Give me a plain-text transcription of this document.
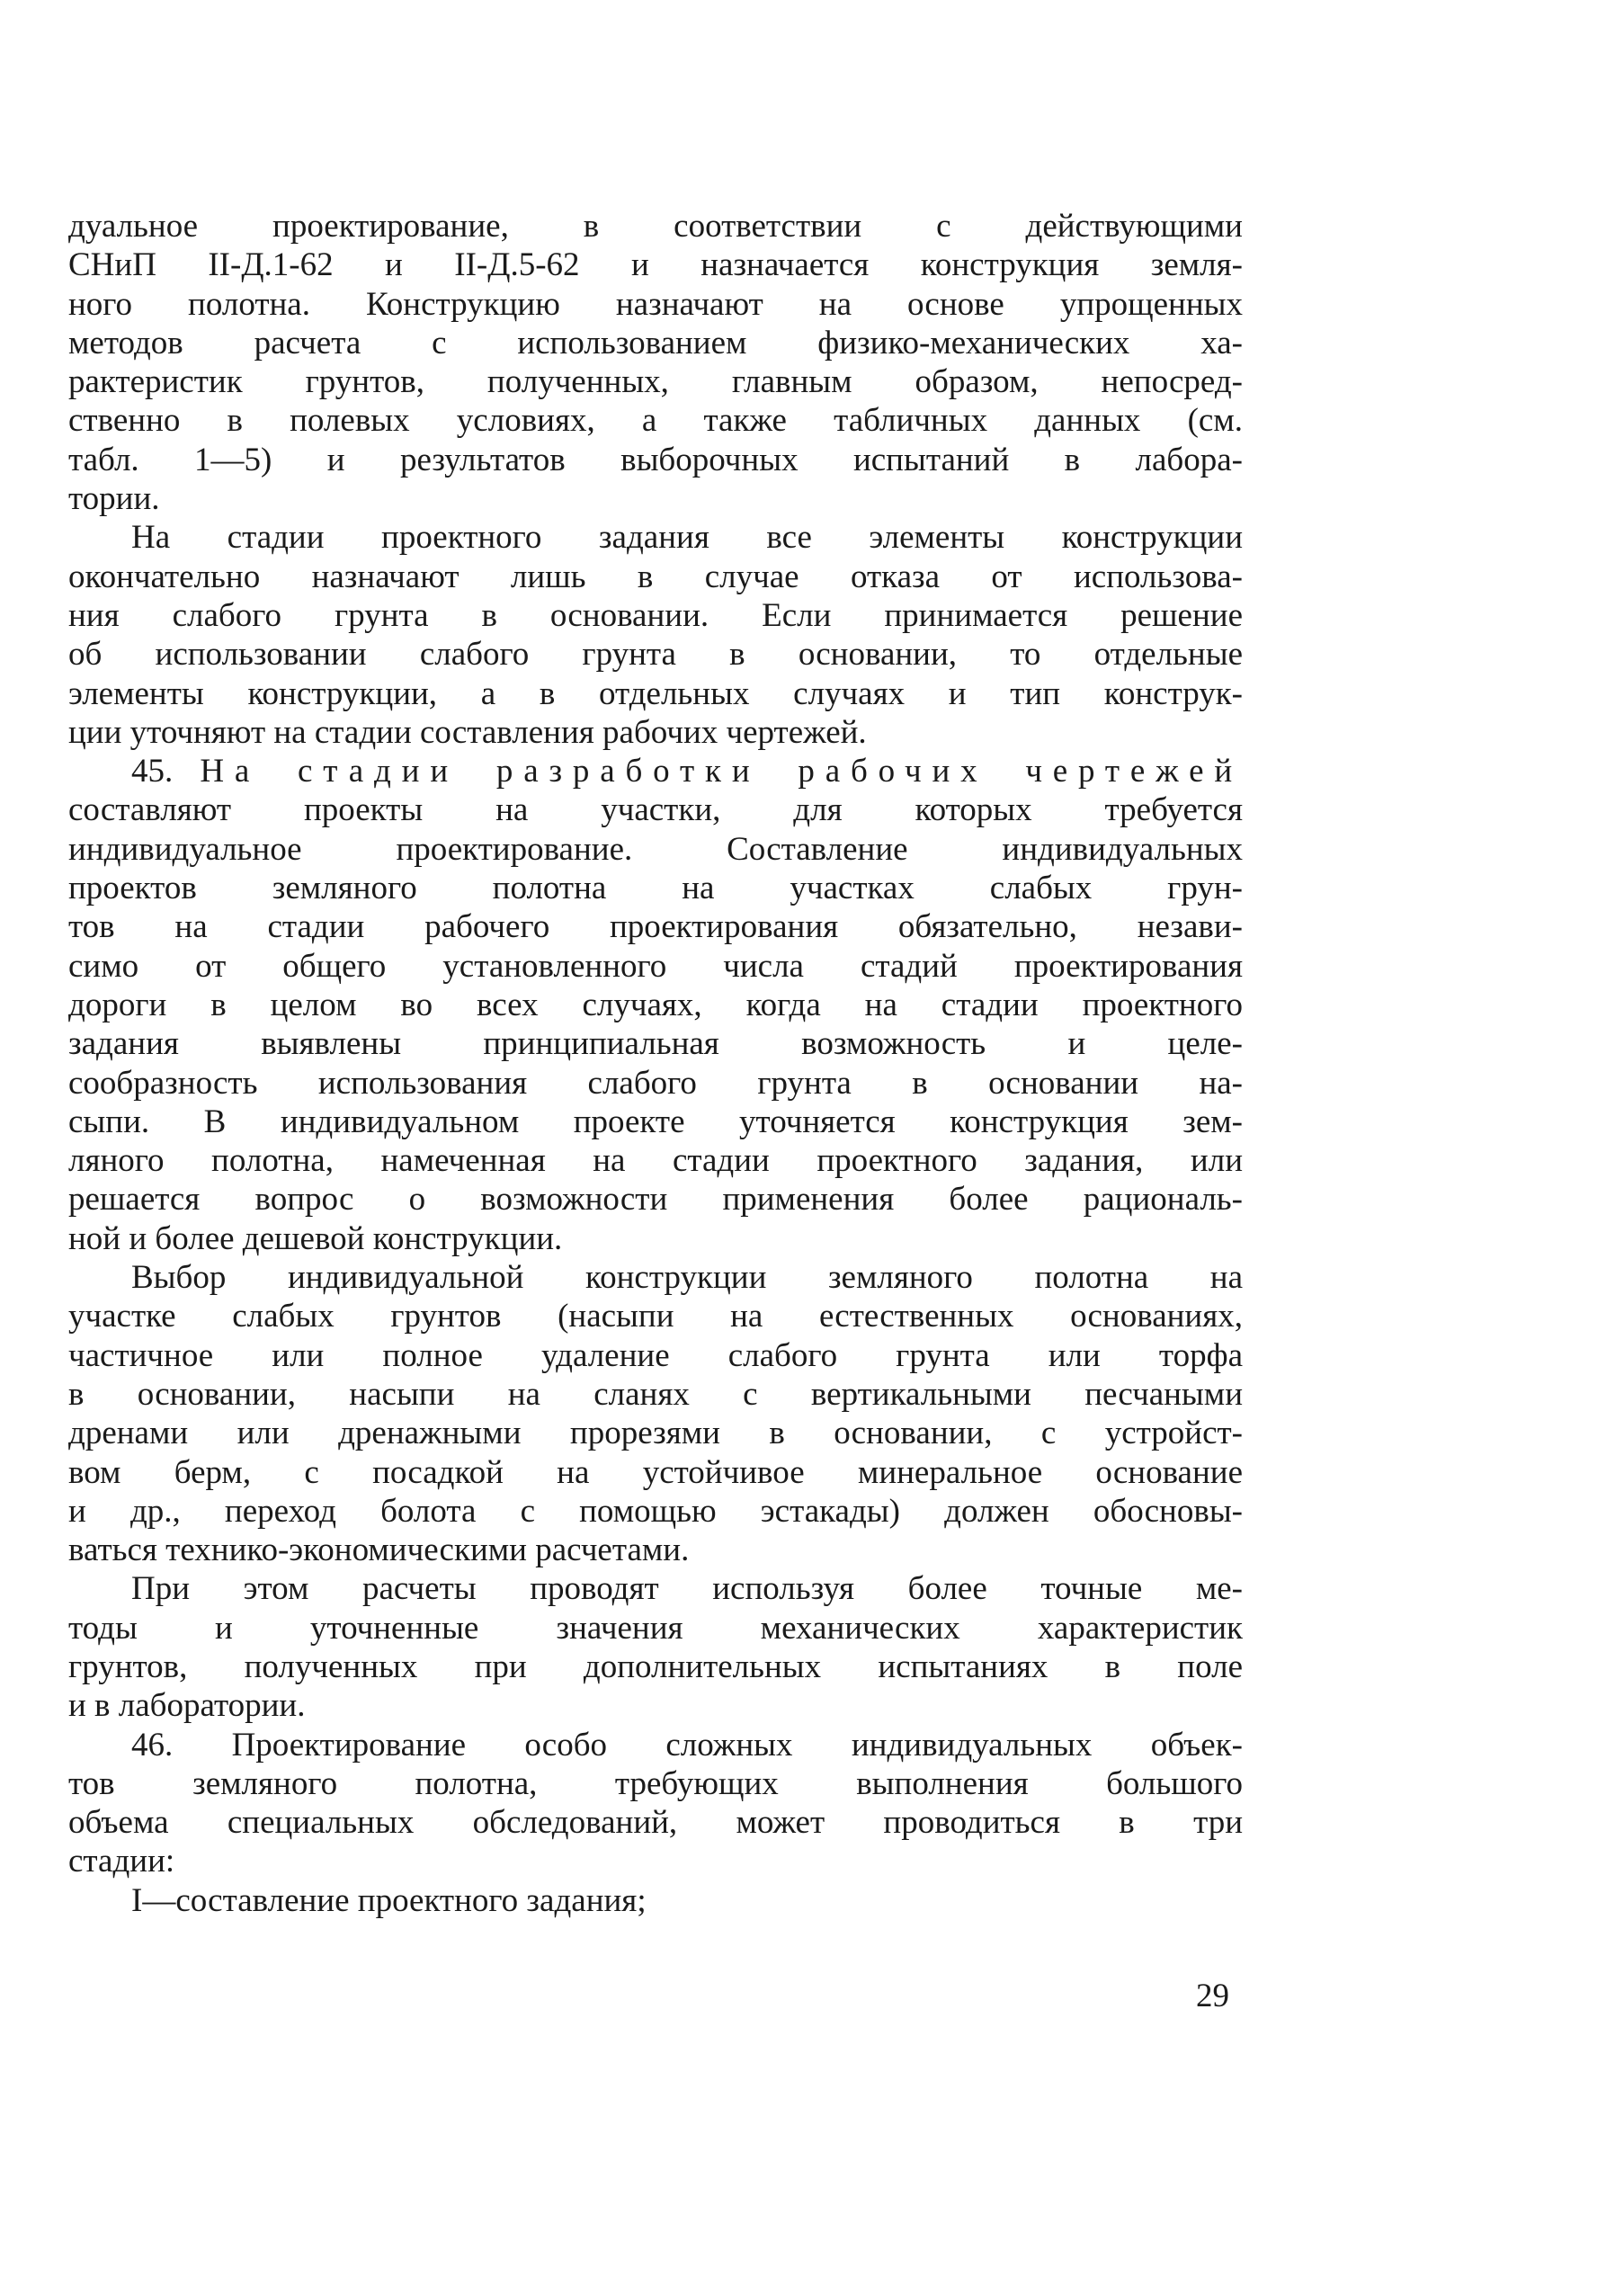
дуальное проектирование, в соответствии с действующими
СНиП II-Д.1-62 и II-Д.5-62 и назначается конструкция земля-
ного полотна. Конструкцию назначают на основе упрощенных
методов расчета с использованием физико-механических ха-
рактеристик грунтов, полученных, главным образом, непосред-
ственно в полевых условиях, а также табличных данных (см.
табл. 1—5) и результатов выборочных испытаний в лабора-
тории.
На стадии проектного задания все элементы конструкции
окончательно назначают лишь в случае отказа от использова-
ния слабого грунта в основании. Если принимается решение
об использовании слабого грунта в основании, то отдельные
элементы конструкции, а в отдельных случаях и тип конструк-
ции уточняют на стадии составления рабочих чертежей.
45. На стадии разработки рабочих чертежей
составляют проекты на участки, для которых требуется
индивидуальное проектирование. Составление индивидуальных
проектов земляного полотна на участках слабых грун-
тов на стадии рабочего проектирования обязательно, незави-
симо от общего установленного числа стадий проектирования
дороги в целом во всех случаях, когда на стадии проектного
задания выявлены принципиальная возможность и целе-
сообразность использования слабого грунта в основании на-
сыпи. В индивидуальном проекте уточняется конструкция зем-
ляного полотна, намеченная на стадии проектного задания, или
решается вопрос о возможности применения более рациональ-
ной и более дешевой конструкции.
Выбор индивидуальной конструкции земляного полотна на
участке слабых грунтов (насыпи на естественных основаниях,
частичное или полное удаление слабого грунта или торфа
в основании, насыпи на сланях с вертикальными песчаными
дренами или дренажными прорезями в основании, с устройст-
вом берм, с посадкой на устойчивое минеральное основание
и др., переход болота с помощью эстакады) должен обосновы-
ваться технико-экономическими расчетами.
При этом расчеты проводят используя более точные ме-
тоды и уточненные значения механических характеристик
грунтов, полученных при дополнительных испытаниях в поле
и в лаборатории.
46. Проектирование особо сложных индивидуальных объек-
тов земляного полотна, требующих выполнения большого
объема специальных обследований, может проводиться в три
стадии:
I—составление проектного задания;
29
